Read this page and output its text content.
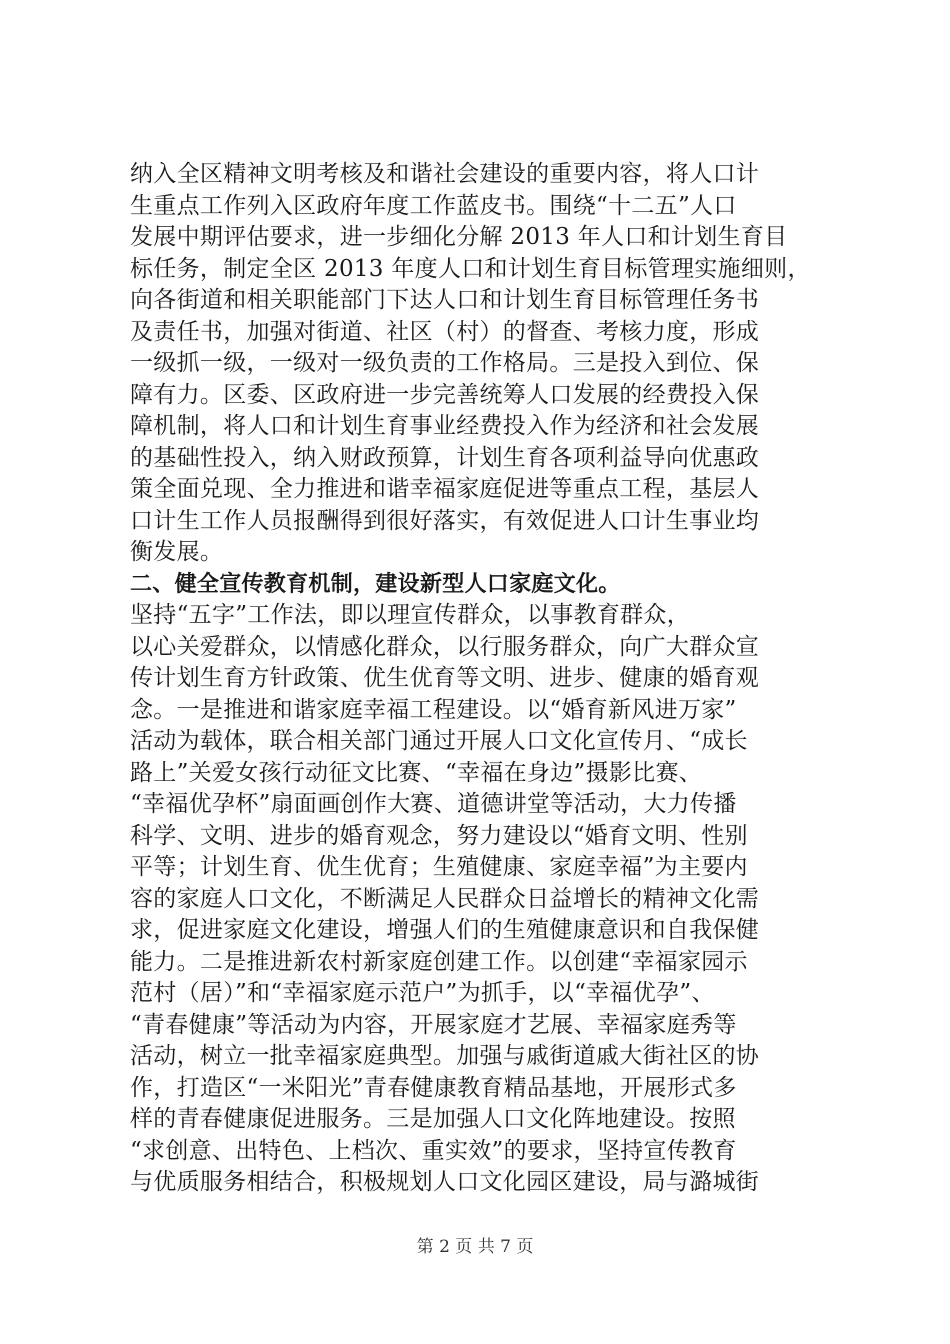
纳入全区精神文明考核及和谐社会建设的重要内容，将人口计
生重点工作列入区政府年度工作蓝皮书。围绕“十二五”人口
发展中期评估要求，进一步细化分解 2013 年人口和计划生育目
标任务，制定全区 2013 年度人口和计划生育目标管理实施细则，
向各街道和相关职能部门下达人口和计划生育目标管理任务书
及责任书，加强对街道、社区（村）的督查、考核力度，形成
一级抓一级，一级对一级负责的工作格局。三是投入到位、保
障有力。区委、区政府进一步完善统筹人口发展的经费投入保
障机制，将人口和计划生育事业经费投入作为经济和社会发展
的基础性投入，纳入财政预算，计划生育各项利益导向优惠政
策全面兑现、全力推进和谐幸福家庭促进等重点工程，基层人
口计生工作人员报酬得到很好落实，有效促进人口计生事业均
衡发展。
二、健全宣传教育机制，建设新型人口家庭文化。
坚持“五字”工作法，即以理宣传群众，以事教育群众，
以心关爱群众，以情感化群众，以行服务群众，向广大群众宣
传计划生育方针政策、优生优育等文明、进步、健康的婚育观
念。一是推进和谐家庭幸福工程建设。以“婚育新风进万家”
活动为载体，联合相关部门通过开展人口文化宣传月、“成长
路上”关爱女孩行动征文比赛、“幸福在身边”摄影比赛、
“幸福优孕杯”扇面画创作大赛、道德讲堂等活动，大力传播
科学、文明、进步的婚育观念，努力建设以“婚育文明、性别
平等；计划生育、优生优育；生殖健康、家庭幸福”为主要内
容的家庭人口文化，不断满足人民群众日益增长的精神文化需
求，促进家庭文化建设，增强人们的生殖健康意识和自我保健
能力。二是推进新农村新家庭创建工作。以创建“幸福家园示
范村（居）”和“幸福家庭示范户”为抓手，以“幸福优孕”、
“青春健康”等活动为内容，开展家庭才艺展、幸福家庭秀等
活动，树立一批幸福家庭典型。加强与戚街道戚大街社区的协
作，打造区“一米阳光”青春健康教育精品基地，开展形式多
样的青春健康促进服务。三是加强人口文化阵地建设。按照
“求创意、出特色、上档次、重实效”的要求，坚持宣传教育
与优质服务相结合，积极规划人口文化园区建设，局与潞城街
第 2 页 共 7 页
